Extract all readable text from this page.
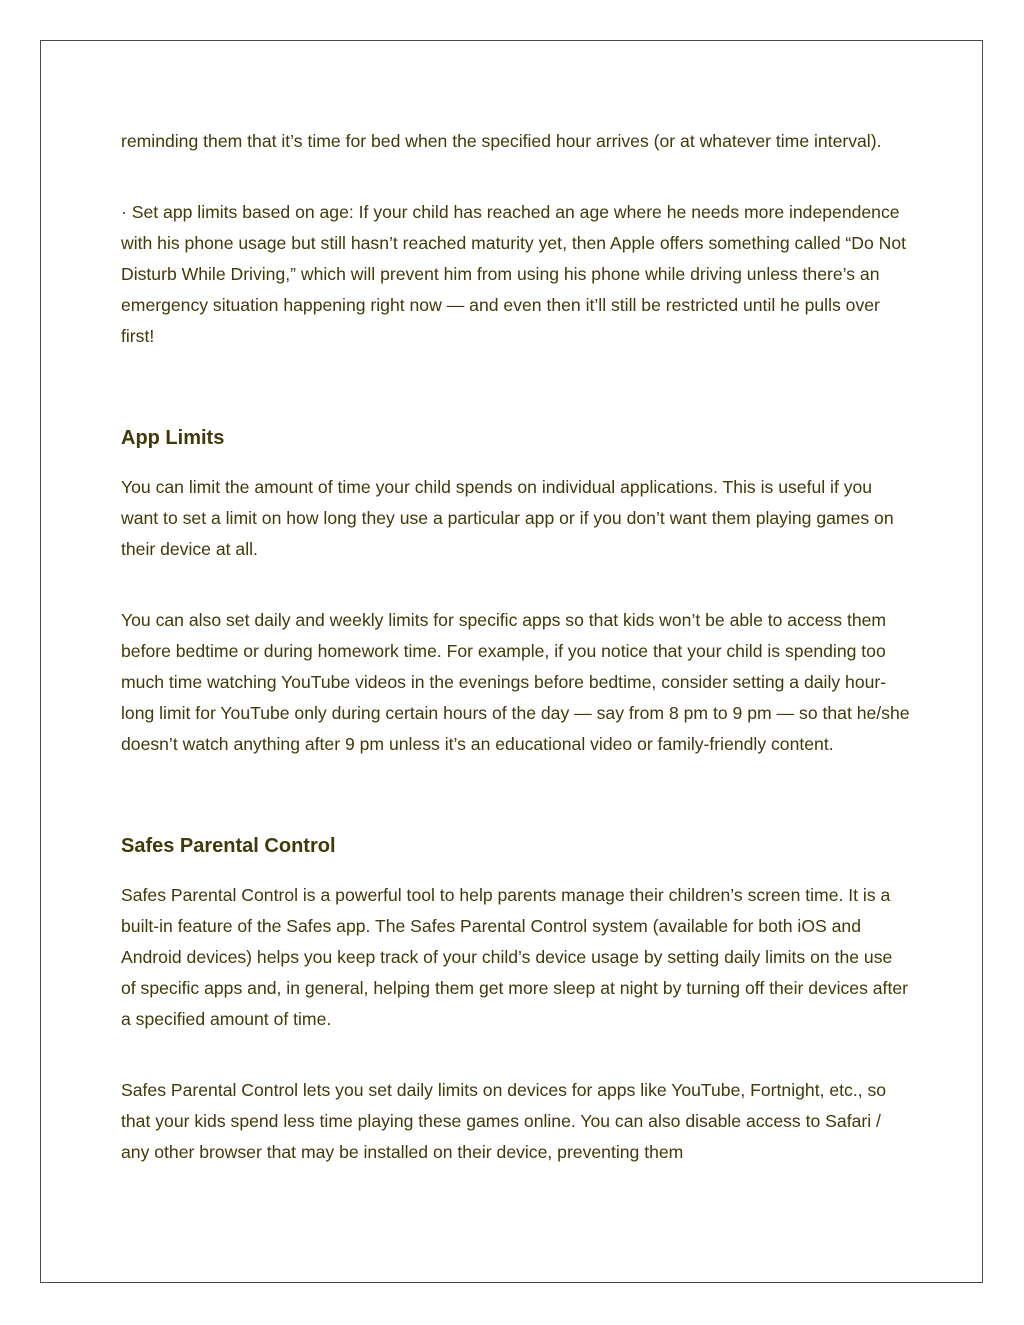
reminding them that it’s time for bed when the specified hour arrives (or at whatever time interval).

· Set app limits based on age: If your child has reached an age where he needs more independence with his phone usage but still hasn’t reached maturity yet, then Apple offers something called “Do Not Disturb While Driving,” which will prevent him from using his phone while driving unless there’s an emergency situation happening right now — and even then it’ll still be restricted until he pulls over first!

App Limits

You can limit the amount of time your child spends on individual applications. This is useful if you want to set a limit on how long they use a particular app or if you don’t want them playing games on their device at all.

You can also set daily and weekly limits for specific apps so that kids won’t be able to access them before bedtime or during homework time. For example, if you notice that your child is spending too much time watching YouTube videos in the evenings before bedtime, consider setting a daily hour-long limit for YouTube only during certain hours of the day — say from 8 pm to 9 pm — so that he/she doesn’t watch anything after 9 pm unless it’s an educational video or family-friendly content.

Safes Parental Control

Safes Parental Control is a powerful tool to help parents manage their children’s screen time. It is a built-in feature of the Safes app. The Safes Parental Control system (available for both iOS and Android devices) helps you keep track of your child’s device usage by setting daily limits on the use of specific apps and, in general, helping them get more sleep at night by turning off their devices after a specified amount of time.

Safes Parental Control lets you set daily limits on devices for apps like YouTube, Fortnight, etc., so that your kids spend less time playing these games online. You can also disable access to Safari / any other browser that may be installed on their device, preventing them
